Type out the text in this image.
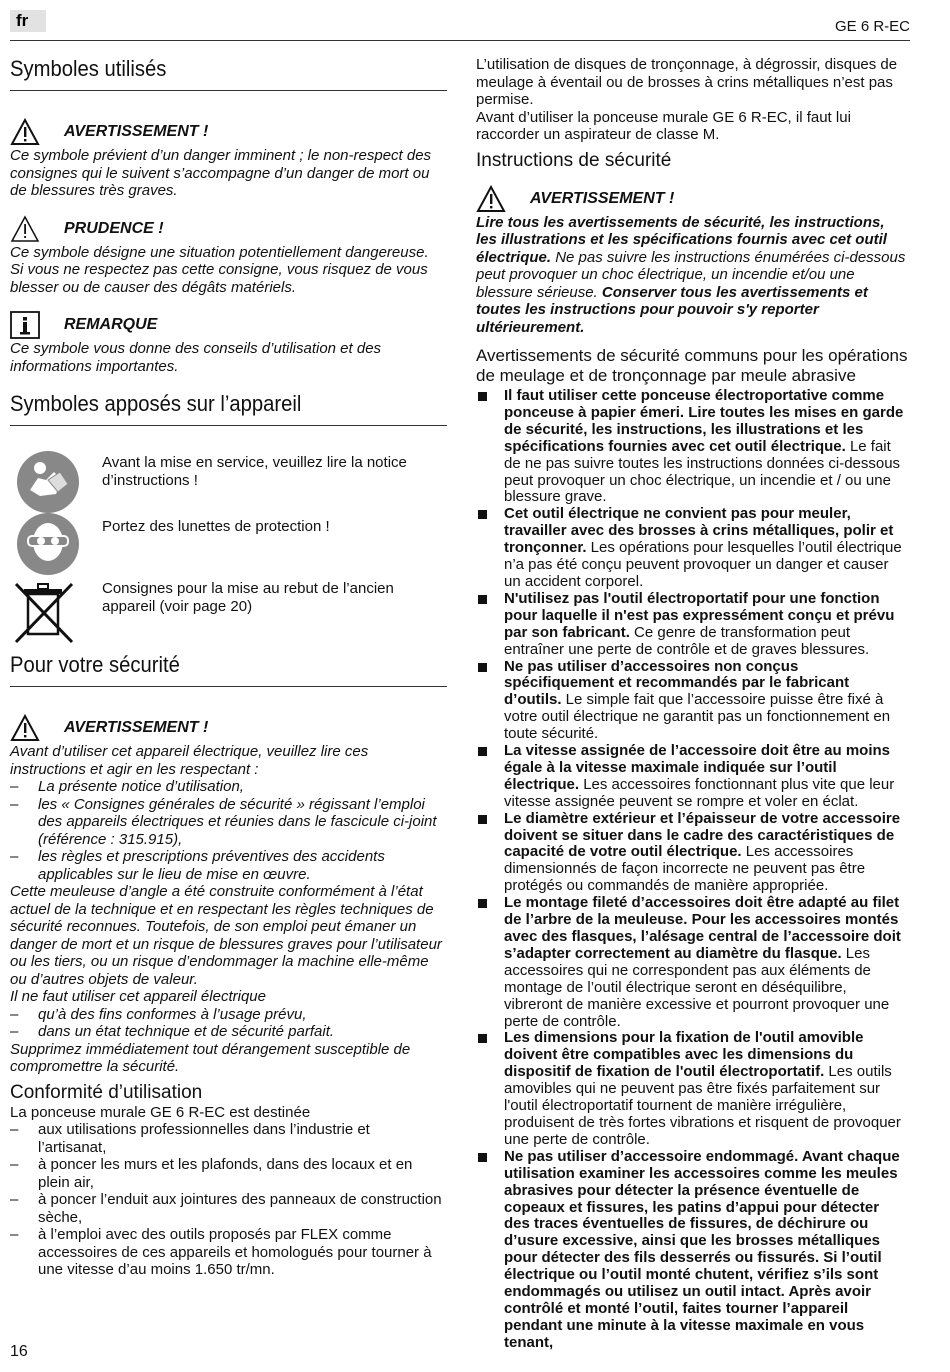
fr	GE 6 R-EC
Symboles utilisés
AVERTISSEMENT !

Ce symbole prévient d’un danger imminent ; le non-respect des consignes qui le suivent s’accompagne d’un danger de mort ou de blessures très graves.

PRUDENCE !

Ce symbole désigne une situation potentiellement dangereuse. Si vous ne respectez pas cette consigne, vous risquez de vous blesser ou de causer des dégâts matériels.

REMARQUE

Ce symbole vous donne des conseils d’utilisation et des informations importantes.

Symboles apposés sur l’appareil

Avant la mise en service, veuillez lire la notice d’instructions !

Portez des lunettes de protection !

Consignes pour la mise au rebut de l’ancien appareil (voir page 20)

Pour votre sécurité
AVERTISSEMENT !

Avant d’utiliser cet appareil électrique, veuillez lire ces instructions et agir en les respectant :

– La présente notice d’utilisation,
– les « Consignes générales de sécurité » régissant l’emploi des appareils électriques et réunies dans le fascicule ci-joint (référence : 315.915),
– les règles et prescriptions préventives des accidents applicables sur le lieu de mise en œuvre.

Cette meuleuse d’angle a été construite conformément à l’état actuel de la technique et en respectant les règles techniques de sécurité reconnues. Toutefois, de son emploi peut émaner un danger de mort et un risque de blessures graves pour l’utilisateur ou les tiers, ou un risque d’endommager la machine elle-même ou d’autres objets de valeur.

Il ne faut utiliser cet appareil électrique

– qu’à des fins conformes à l’usage prévu,
– dans un état technique et de sécurité parfait.

Supprimez immédiatement tout dérangement susceptible de compromettre la sécurité.

Conformité d’utilisation

La ponceuse murale GE 6 R-EC est destinée

– aux utilisations professionnelles dans l’industrie et l’artisanat,
– à poncer les murs et les plafonds, dans des locaux et en plein air,
– à poncer l’enduit aux jointures des panneaux de construction sèche,
– à l’emploi avec des outils proposés par FLEX comme accessoires de ces appareils et homologués pour tourner à une vitesse d’au moins 1.650 tr/mn.

L’utilisation de disques de tronçonnage, à dégrossir, disques de meulage à éventail ou de brosses à crins métalliques n’est pas permise.

Avant d’utiliser la ponceuse murale GE 6 R-EC, il faut lui raccorder un aspirateur de classe M.

Instructions de sécurité
AVERTISSEMENT !

Lire tous les avertissements de sécurité, les instructions, les illustrations et les spécifications fournis avec cet outil électrique. Ne pas suivre les instructions énumérées ci-dessous peut provoquer un choc électrique, un incendie et/ou une blessure sérieuse. Conserver tous les avertissements et toutes les instructions pour pouvoir s'y reporter ultérieurement.

Avertissements de sécurité communs pour les opérations de meulage et de tronçonnage par meule abrasive
Il faut utiliser cette ponceuse électroportative comme ponceuse à papier émeri. Lire toutes les mises en garde de sécurité, les instructions, les illustrations et les spécifications fournies avec cet outil électrique. Le fait de ne pas suivre toutes les instructions données ci-dessous peut provoquer un choc électrique, un incendie et / ou une blessure grave.
Cet outil électrique ne convient pas pour meuler, travailler avec des brosses à crins métalliques, polir et tronçonner. Les opérations pour lesquelles l’outil électrique n’a pas été conçu peuvent provoquer un danger et causer un accident corporel.
N'utilisez pas l'outil électroportatif pour une fonction pour laquelle il n'est pas expressément conçu et prévu par son fabricant. Ce genre de transformation peut entraîner une perte de contrôle et de graves blessures.
Ne pas utiliser d’accessoires non conçus spécifiquement et recommandés par le fabricant d’outils. Le simple fait que l’accessoire puisse être fixé à votre outil électrique ne garantit pas un fonctionnement en toute sécurité.
La vitesse assignée de l’accessoire doit être au moins égale à la vitesse maximale indiquée sur l’outil électrique. Les accessoires fonctionnant plus vite que leur vitesse assignée peuvent se rompre et voler en éclat.
Le diamètre extérieur et l’épaisseur de votre accessoire doivent se situer dans le cadre des caractéristiques de capacité de votre outil électrique. Les accessoires dimensionnés de façon incorrecte ne peuvent pas être protégés ou commandés de manière appropriée.
Le montage fileté d’accessoires doit être adapté au filet de l’arbre de la meuleuse. Pour les accessoires montés avec des flasques, l’alésage central de l’accessoire doit s’adapter correctement au diamètre du flasque. Les accessoires qui ne correspondent pas aux éléments de montage de l’outil électrique seront en déséquilibre, vibreront de manière excessive et pourront provoquer une perte de contrôle.
Les dimensions pour la fixation de l'outil amovible doivent être compatibles avec les dimensions du dispositif de fixation de l'outil électroportatif. Les outils amovibles qui ne peuvent pas être fixés parfaitement sur l'outil électroportatif tournent de manière irrégulière, produisent de très fortes vibrations et risquent de provoquer une perte de contrôle.
Ne pas utiliser d’accessoire endommagé. Avant chaque utilisation examiner les accessoires comme les meules abrasives pour détecter la présence éventuelle de copeaux et fissures, les patins d’appui pour détecter des traces éventuelles de fissures, de déchirure ou d’usure excessive, ainsi que les brosses métalliques pour détecter des fils desserrés ou fissurés. Si l’outil électrique ou l’outil monté chutent, vérifiez s’ils sont endommagés ou utilisez un outil intact. Après avoir contrôlé et monté l’outil, faites tourner l’appareil pendant une minute à la vitesse maximale en vous tenant,
16
